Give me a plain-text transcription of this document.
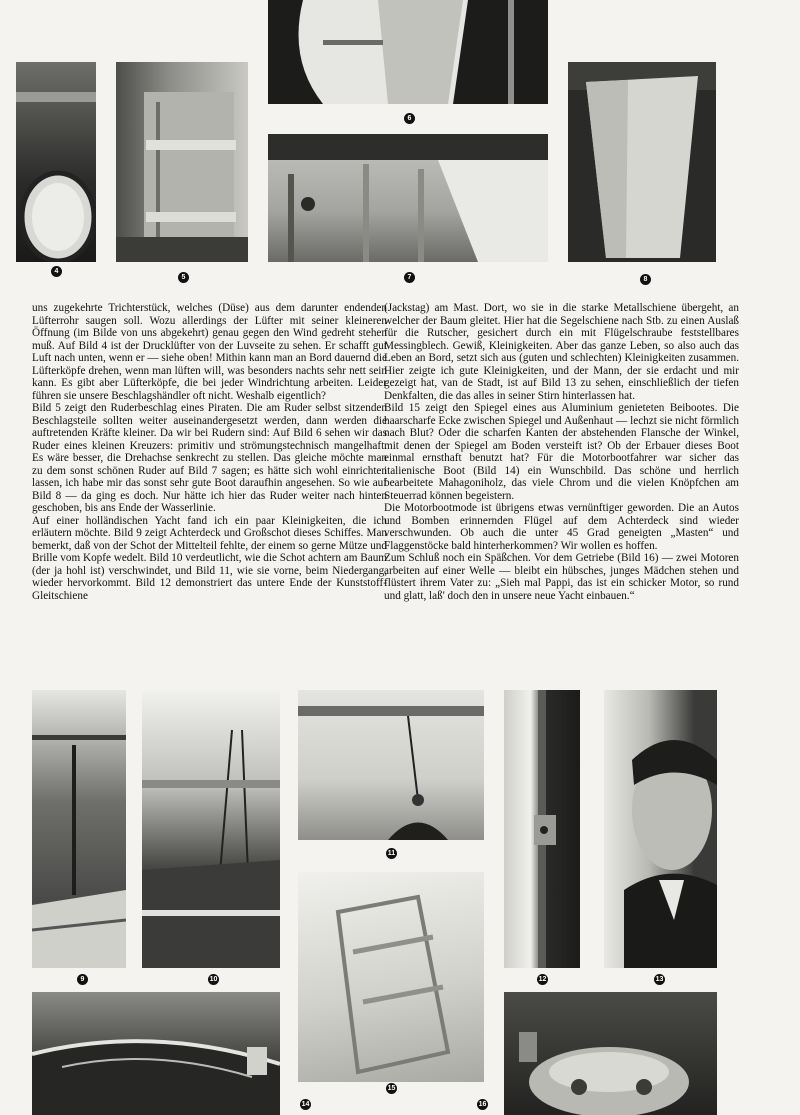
4
5
6
7	8

uns zugekehrte Trichterstück, welches (Düse) aus dem darunter endenden Lüfterrohr saugen soll. Wozu allerdings der Lüfter mit seiner kleineren Öffnung (im Bilde von uns abgekehrt) genau gegen den Wind gedreht stehen muß. Auf Bild 4 ist der Drucklüfter von der Luvseite zu sehen. Er schafft gut Luft nach unten, wenn er — siehe oben! Mithin kann man an Bord dauernd die Lüfterköpfe drehen, wenn man lüften will, was besonders nachts sehr nett sein kann. Es gibt aber Lüfterköpfe, die bei jeder Windrichtung arbeiten. Leider führen sie unsere Beschlagshändler oft nicht. Weshalb eigentlich?

Bild 5 zeigt den Ruderbeschlag eines Piraten. Die am Ruder selbst sitzenden Beschlagsteile sollten weiter auseinandergesetzt werden, dann werden die auftretenden Kräfte kleiner. Da wir bei Rudern sind: Auf Bild 6 sehen wir das Ruder eines kleinen Kreuzers: primitiv und strömungstechnisch mangelhaft. Es wäre besser, die Drehachse senkrecht zu stellen. Das gleiche möchte man zu dem sonst schönen Ruder auf Bild 7 sagen; es hätte sich wohl einrichten lassen, ich habe mir das sonst sehr gute Boot daraufhin angesehen. So wie auf Bild 8 — da ging es doch. Nur hätte ich hier das Ruder weiter nach hinten geschoben, bis ans Ende der Wasserlinie.

Auf einer holländischen Yacht fand ich ein paar Kleinigkeiten, die ich erläutern möchte. Bild 9 zeigt Achterdeck und Großschot dieses Schiffes. Man bemerkt, daß von der Schot der Mittelteil fehlte, der einem so gerne Mütze und Brille vom Kopfe wedelt. Bild 10 verdeutlicht, wie die Schot achtern am Baum (der ja hohl ist) verschwindet, und Bild 11, wie sie vorne, beim Niedergang, wieder hervorkommt. Bild 12 demonstriert das untere Ende der Kunststoff-Gleitschiene

(Jackstag) am Mast. Dort, wo sie in die starke Metallschiene übergeht, an welcher der Baum gleitet. Hier hat die Segelschiene nach Stb. zu einen Auslaß für die Rutscher, gesichert durch ein mit Flügelschraube feststellbares Messingblech. Gewiß, Kleinigkeiten. Aber das ganze Leben, so also auch das Leben an Bord, setzt sich aus (guten und schlechten) Kleinigkeiten zusammen. Hier zeigte ich gute Kleinigkeiten, und der Mann, der sie erdacht und mir gezeigt hat, van de Stadt, ist auf Bild 13 zu sehen, einschließlich der tiefen Denkfalten, die das alles in seiner Stirn hinterlassen hat.

Bild 15 zeigt den Spiegel eines aus Aluminium genieteten Beibootes. Die haarscharfe Ecke zwischen Spiegel und Außenhaut — lechzt sie nicht förmlich nach Blut? Oder die scharfen Kanten der abstehenden Flansche der Winkel, mit denen der Spiegel am Boden versteift ist? Ob der Erbauer dieses Boot einmal ernsthaft benutzt hat? Für die Motorbootfahrer war sicher das italienische Boot (Bild 14) ein Wunschbild. Das schöne und herrlich bearbeitete Mahagoniholz, das viele Chrom und die vielen Knöpfchen am Steuerrad können begeistern.

Die Motorbootmode ist übrigens etwas vernünftiger geworden. Die an Autos und Bomben erinnernden Flügel auf dem Achterdeck sind wieder verschwunden. Ob auch die unter 45 Grad geneigten „Masten“ und Flaggenstöcke bald hinterherkommen? Wir wollen es hoffen.

Zum Schluß noch ein Späßchen. Vor dem Getriebe (Bild 16) — zwei Motoren arbeiten auf einer Welle — bleibt ein hübsches, junges Mädchen stehen und flüstert ihrem Vater zu: „Sieh mal Pappi, das ist ein schicker Motor, so rund und glatt, laß' doch den in unsere neue Yacht einbauen.“

9	10
11
15
12	13
14	16
